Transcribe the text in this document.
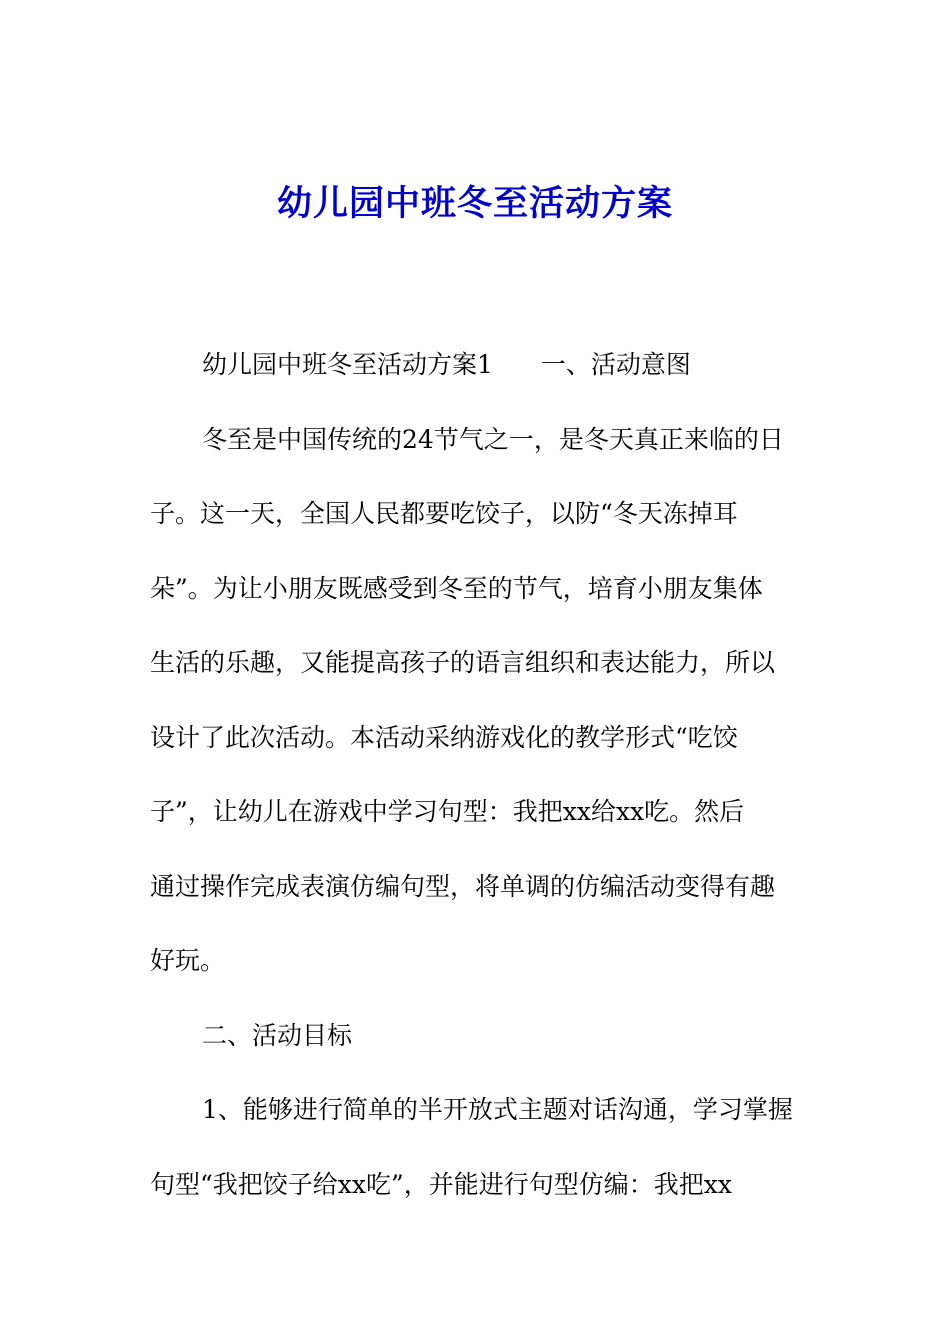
幼儿园中班冬至活动方案
幼儿园中班冬至活动方案1 一、活动意图
冬至是中国传统的24节气之一，是冬天真正来临的日
子。这一天，全国人民都要吃饺子，以防“冬天冻掉耳
朵”。为让小朋友既感受到冬至的节气，培育小朋友集体
生活的乐趣，又能提高孩子的语言组织和表达能力，所以
设计了此次活动。本活动采纳游戏化的教学形式“吃饺
子”，让幼儿在游戏中学习句型：我把xx给xx吃。然后
通过操作完成表演仿编句型，将单调的仿编活动变得有趣
好玩。
二、活动目标
1、能够进行简单的半开放式主题对话沟通，学习掌握
句型“我把饺子给xx吃”，并能进行句型仿编：我把xx
